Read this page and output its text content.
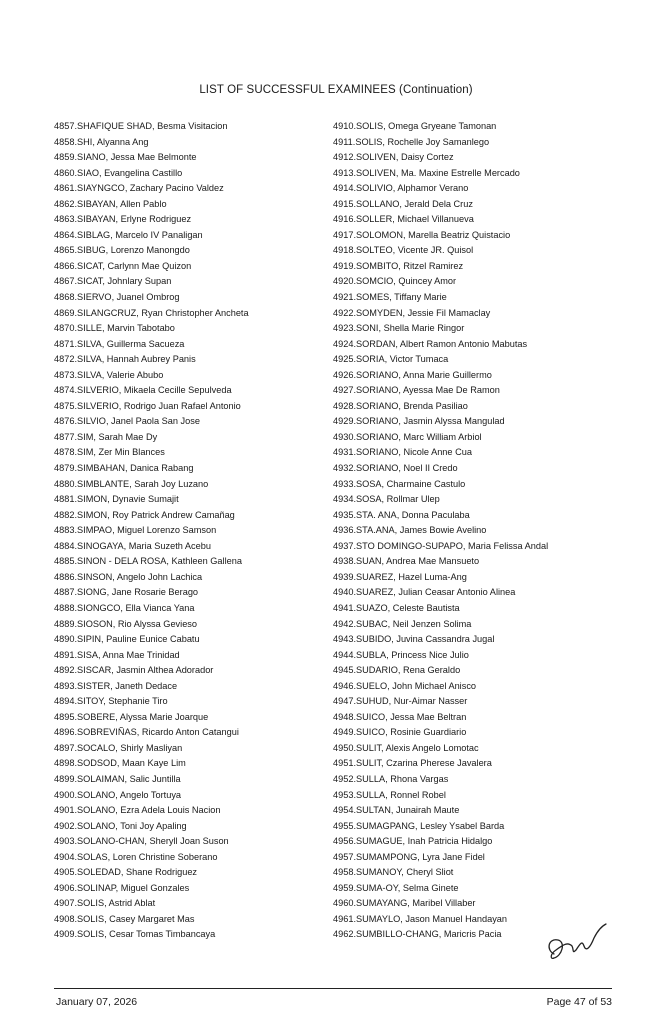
LIST OF SUCCESSFUL EXAMINEES (Continuation)
4857 . SHAFIQUE SHAD, Besma Visitacion
4858 . SHI, Alyanna Ang
4859 . SIANO, Jessa Mae Belmonte
4860 . SIAO, Evangelina Castillo
4861 . SIAYNGCO, Zachary Pacino Valdez
4862 . SIBAYAN, Allen Pablo
4863 . SIBAYAN, Erlyne Rodriguez
4864 . SIBLAG, Marcelo IV Panaligan
4865 . SIBUG, Lorenzo Manongdo
4866 . SICAT, Carlynn Mae Quizon
4867 . SICAT, Johnlary Supan
4868 . SIERVO, Juanel Ombrog
4869 . SILANGCRUZ, Ryan Christopher Ancheta
4870 . SILLE, Marvin Tabotabo
4871 . SILVA, Guillerma Sacueza
4872 . SILVA, Hannah Aubrey Panis
4873 . SILVA, Valerie Abubo
4874 . SILVERIO, Mikaela Cecille Sepulveda
4875 . SILVERIO, Rodrigo Juan Rafael Antonio
4876 . SILVIO, Janel Paola San Jose
4877 . SIM, Sarah Mae Dy
4878 . SIM, Zer Min Blances
4879 . SIMBAHAN, Danica Rabang
4880 . SIMBLANTE, Sarah Joy Luzano
4881 . SIMON, Dynavie Sumajit
4882 . SIMON, Roy Patrick Andrew Camañag
4883 . SIMPAO, Miguel Lorenzo Samson
4884 . SINOGAYA, Maria Suzeth Acebu
4885 . SINON - DELA ROSA, Kathleen Gallena
4886 . SINSON, Angelo John Lachica
4887 . SIONG, Jane Rosarie Berago
4888 . SIONGCO, Ella Vianca Yana
4889 . SIOSON, Rio Alyssa Gevieso
4890 . SIPIN, Pauline Eunice Cabatu
4891 . SISA, Anna Mae Trinidad
4892 . SISCAR, Jasmin Althea Adorador
4893 . SISTER, Janeth Dedace
4894 . SITOY, Stephanie Tiro
4895 . SOBERE, Alyssa Marie Joarque
4896 . SOBREVIÑAS, Ricardo Anton Catangui
4897 . SOCALO, Shirly Masliyan
4898 . SODSOD, Maan Kaye Lim
4899 . SOLAIMAN, Salic Juntilla
4900 . SOLANO, Angelo Tortuya
4901 . SOLANO, Ezra Adela Louis Nacion
4902 . SOLANO, Toni Joy Apaling
4903 . SOLANO-CHAN, Sheryll Joan Suson
4904 . SOLAS, Loren Christine Soberano
4905 . SOLEDAD, Shane Rodriguez
4906 . SOLINAP, Miguel Gonzales
4907 . SOLIS, Astrid Ablat
4908 . SOLIS, Casey Margaret Mas
4909 . SOLIS, Cesar Tomas Timbancaya
4910 . SOLIS, Omega Gryeane Tamonan
4911 . SOLIS, Rochelle Joy Samanlego
4912 . SOLIVEN, Daisy Cortez
4913 . SOLIVEN, Ma. Maxine Estrelle Mercado
4914 . SOLIVIO, Alphamor Verano
4915 . SOLLANO, Jerald Dela Cruz
4916 . SOLLER, Michael Villanueva
4917 . SOLOMON, Marella Beatriz Quistacio
4918 . SOLTEO, Vicente JR. Quisol
4919 . SOMBITO, Ritzel Ramirez
4920 . SOMCIO, Quincey Amor
4921 . SOMES, Tiffany Marie
4922 . SOMYDEN, Jessie Fil Mamaclay
4923 . SONI, Shella Marie Ringor
4924 . SORDAN, Albert Ramon Antonio Mabutas
4925 . SORIA, Victor Tumaca
4926 . SORIANO, Anna Marie Guillermo
4927 . SORIANO, Ayessa Mae De Ramon
4928 . SORIANO, Brenda Pasiliao
4929 . SORIANO, Jasmin Alyssa Mangulad
4930 . SORIANO, Marc William Arbiol
4931 . SORIANO, Nicole Anne Cua
4932 . SORIANO, Noel II Credo
4933 . SOSA, Charmaine Castulo
4934 . SOSA, Rollmar Ulep
4935 . STA. ANA, Donna Paculaba
4936 . STA.ANA, James Bowie Avelino
4937 . STO DOMINGO-SUPAPO, Maria Felissa Andal
4938 . SUAN, Andrea Mae Mansueto
4939 . SUAREZ, Hazel Luma-Ang
4940 . SUAREZ, Julian Ceasar Antonio Alinea
4941 . SUAZO, Celeste Bautista
4942 . SUBAC, Neil Jenzen Solima
4943 . SUBIDO, Juvina Cassandra Jugal
4944 . SUBLA, Princess Nice Julio
4945 . SUDARIO, Rena Geraldo
4946 . SUELO, John Michael Anisco
4947 . SUHUD, Nur-Aimar Nasser
4948 . SUICO, Jessa Mae Beltran
4949 . SUICO, Rosinie Guardiario
4950 . SULIT, Alexis Angelo Lomotac
4951 . SULIT, Czarina Pherese Javalera
4952 . SULLA, Rhona Vargas
4953 . SULLA, Ronnel Robel
4954 . SULTAN, Junairah Maute
4955 . SUMAGPANG, Lesley Ysabel Barda
4956 . SUMAGUE, Inah Patricia Hidalgo
4957 . SUMAMPONG, Lyra Jane Fidel
4958 . SUMANOY, Cheryl Sliot
4959 . SUMA-OY, Selma Ginete
4960 . SUMAYANG, Maribel Villaber
4961 . SUMAYLO, Jason Manuel Handayan
4962 . SUMBILLO-CHANG, Maricris Pacia
January 07, 2026	Page 47 of 53
